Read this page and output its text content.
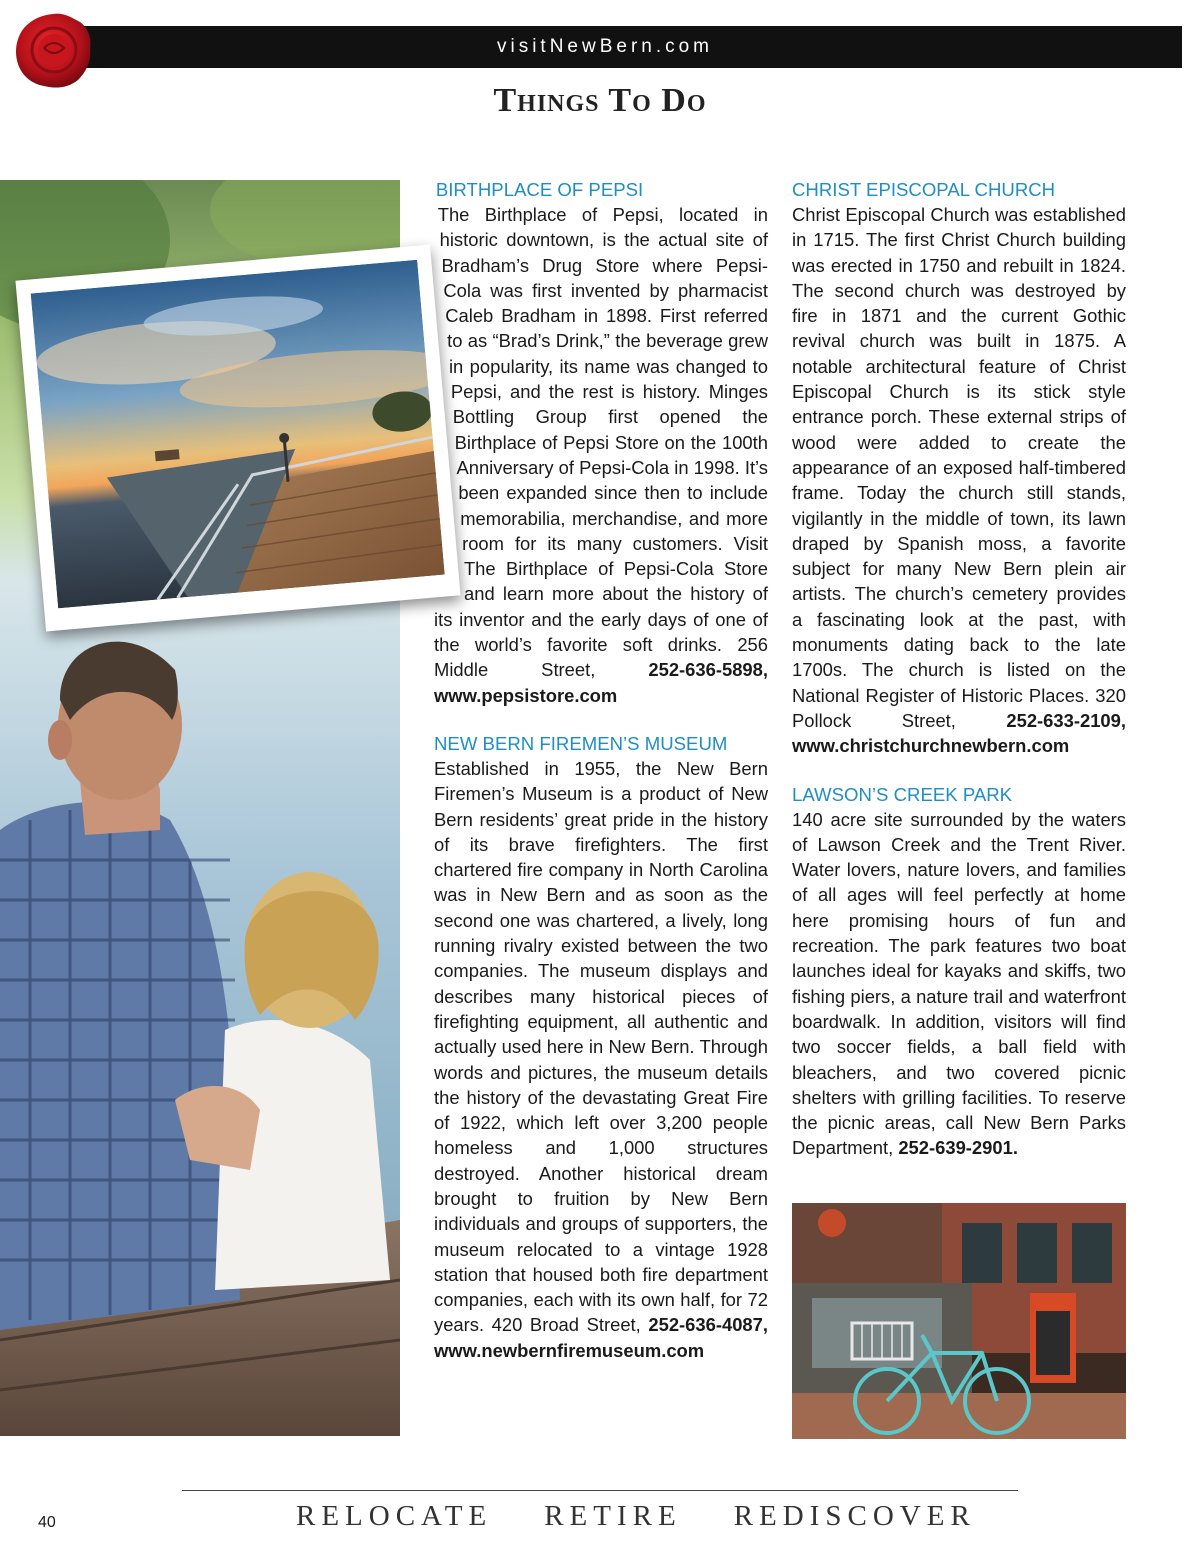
visitNewBern.com
Things To Do
BIRTHPLACE OF PEPSI

The Birthplace of Pepsi, located in historic downtown, is the actual site of Bradham’s Drug Store where Pepsi-Cola was first invented by pharmacist Caleb Bradham in 1898. First referred to as “Brad’s Drink,” the beverage grew in popularity, its name was changed to Pepsi, and the rest is history. Minges Bottling Group first opened the Birthplace of Pepsi Store on the 100th Anniversary of Pepsi-Cola in 1998. It’s been expanded since then to include memorabilia, merchandise, and more room for its many customers. Visit The Birthplace of Pepsi-Cola Store and learn more about the history of its inventor and the early days of one of the world’s favorite soft drinks. 256 Middle Street, 252-636-5898, www.pepsistore.com

NEW BERN FIREMEN’S MUSEUM

Established in 1955, the New Bern Firemen’s Museum is a product of New Bern residents’ great pride in the history of its brave firefighters. The first chartered fire company in North Carolina was in New Bern and as soon as the second one was chartered, a lively, long running rivalry existed between the two companies. The museum displays and describes many historical pieces of firefighting equipment, all authentic and actually used here in New Bern. Through words and pictures, the museum details the history of the devastating Great Fire of 1922, which left over 3,200 people homeless and 1,000 structures destroyed. Another historical dream brought to fruition by New Bern individuals and groups of supporters, the museum relocated to a vintage 1928 station that housed both fire department companies, each with its own half, for 72 years. 420 Broad Street, 252-636-4087, www.newbernfiremuseum.com

CHRIST EPISCOPAL CHURCH

Christ Episcopal Church was established in 1715. The first Christ Church building was erected in 1750 and rebuilt in 1824. The second church was destroyed by fire in 1871 and the current Gothic revival church was built in 1875. A notable architectural feature of Christ Episcopal Church is its stick style entrance porch. These external strips of wood were added to create the appearance of an exposed half-timbered frame. Today the church still stands, vigilantly in the middle of town, its lawn draped by Spanish moss, a favorite subject for many New Bern plein air artists. The church’s cemetery provides a fascinating look at the past, with monuments dating back to the late 1700s. The church is listed on the National Register of Historic Places. 320 Pollock Street, 252-633-2109, www.christchurchnewbern.com

LAWSON’S CREEK PARK

140 acre site surrounded by the waters of Lawson Creek and the Trent River. Water lovers, nature lovers, and families of all ages will feel perfectly at home here promising hours of fun and recreation. The park features two boat launches ideal for kayaks and skiffs, two fishing piers, a nature trail and waterfront boardwalk. In addition, visitors will find two soccer fields, a ball field with bleachers, and two covered picnic shelters with grilling facilities. To reserve the picnic areas, call New Bern Parks Department, 252-639-2901.

40	RELOCATE RETIRE REDISCOVER
